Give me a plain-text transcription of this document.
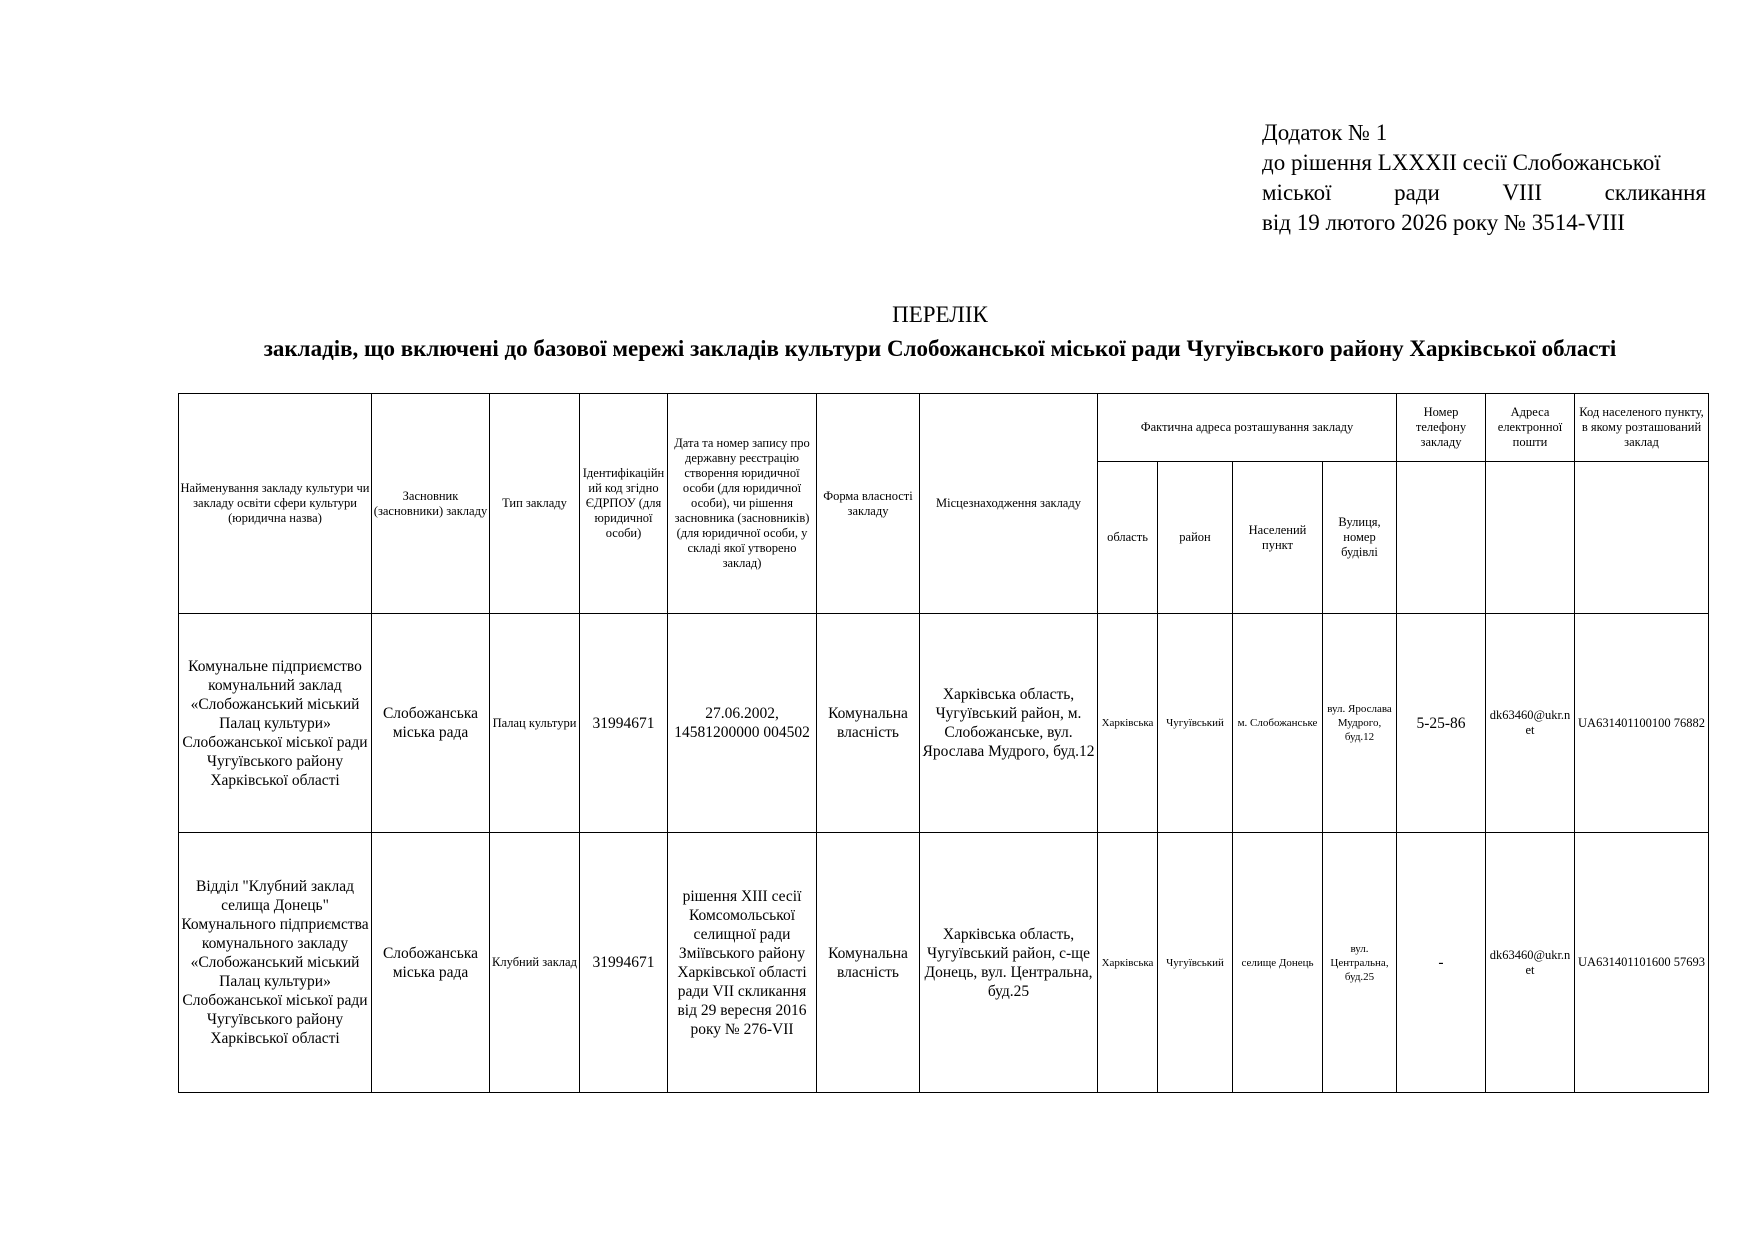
Додаток № 1
до рішення LXXXII сесії Слобожанської
міської	ради	VIII	скликання
від 19 лютого 2026 року № 3514-VIII
ПЕРЕЛІК
закладів, що включені до базової мережі закладів культури Слобожанської міської ради Чугуївського району Харківської області
Найменування закладу культури чи закладу освіти сфери культури (юридична назва)	Засновник (засновники) закладу	Тип закладу	Ідентифікаційний код згідно ЄДРПОУ (для юридичної особи)	Дата та номер запису про державну реєстрацію створення юридичної особи (для юридичної особи), чи рішення засновника (засновників) (для юридичної особи, у складі якої утворено заклад)	Форма власності закладу	Місцезнаходження закладу	Фактична адреса розташування закладу				Номер телефону закладу	Адреса електронної пошти	Код населеного пункту, в якому розташований заклад
							область	район	Населений пункт	Вулиця, номер будівлі			
Комунальне підприємство комунальний заклад «Слобожанський міський Палац культури» Слобожанської міської ради Чугуївського району Харківської області	Слобожанська міська рада	Палац культури	31994671	27.06.2002, 14581200000 004502	Комунальна власність	Харківська область, Чугуївський район, м. Слобожанське, вул. Ярослава Мудрого, буд.12	Харківська	Чугуївський	м. Слобожанське	вул. Ярослава Мудрого, буд.12	5-25-86	dk63460@ukr.net	UA631401100100 76882
Відділ "Клубний заклад селища Донець" Комунального підприємства комунального закладу «Слобожанський міський Палац культури» Слобожанської міської ради Чугуївського району Харківської області	Слобожанська міська рада	Клубний заклад	31994671	рішення XIII сесії Комсомольської селищної ради Зміївського району Харківської області ради VII скликання від 29 вересня 2016 року № 276-VII	Комунальна власність	Харківська область, Чугуївський район, с-ще Донець, вул. Центральна, буд.25	Харківська	Чугуївський	селище Донець	вул. Центральна, буд.25	-	dk63460@ukr.net	UA631401101600 57693
